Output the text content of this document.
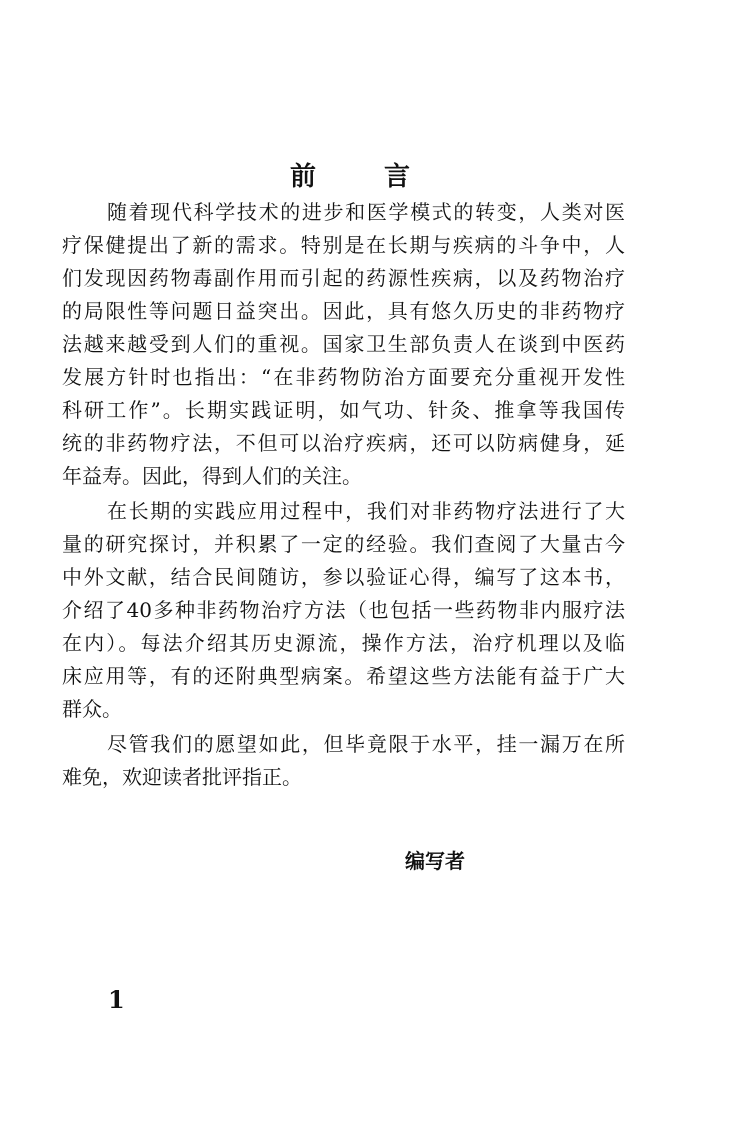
前 言
随着现代科学技术的进步和医学模式的转变，人类对医
疗保健提出了新的需求。特别是在长期与疾病的斗争中，人
们发现因药物毒副作用而引起的药源性疾病，以及药物治疗
的局限性等问题日益突出。因此，具有悠久历史的非药物疗
法越来越受到人们的重视。国家卫生部负责人在谈到中医药
发展方针时也指出：“在非药物防治方面要充分重视开发性
科研工作”。长期实践证明，如气功、针灸、推拿等我国传
统的非药物疗法，不但可以治疗疾病，还可以防病健身，延
年益寿。因此，得到人们的关注。
在长期的实践应用过程中，我们对非药物疗法进行了大
量的研究探讨，并积累了一定的经验。我们查阅了大量古今
中外文献，结合民间随访，参以验证心得，编写了这本书，
介绍了40多种非药物治疗方法（也包括一些药物非内服疗法
在内）。每法介绍其历史源流，操作方法，治疗机理以及临
床应用等，有的还附典型病案。希望这些方法能有益于广大
群众。
尽管我们的愿望如此，但毕竟限于水平，挂一漏万在所
难免，欢迎读者批评指正。
编写者
1
